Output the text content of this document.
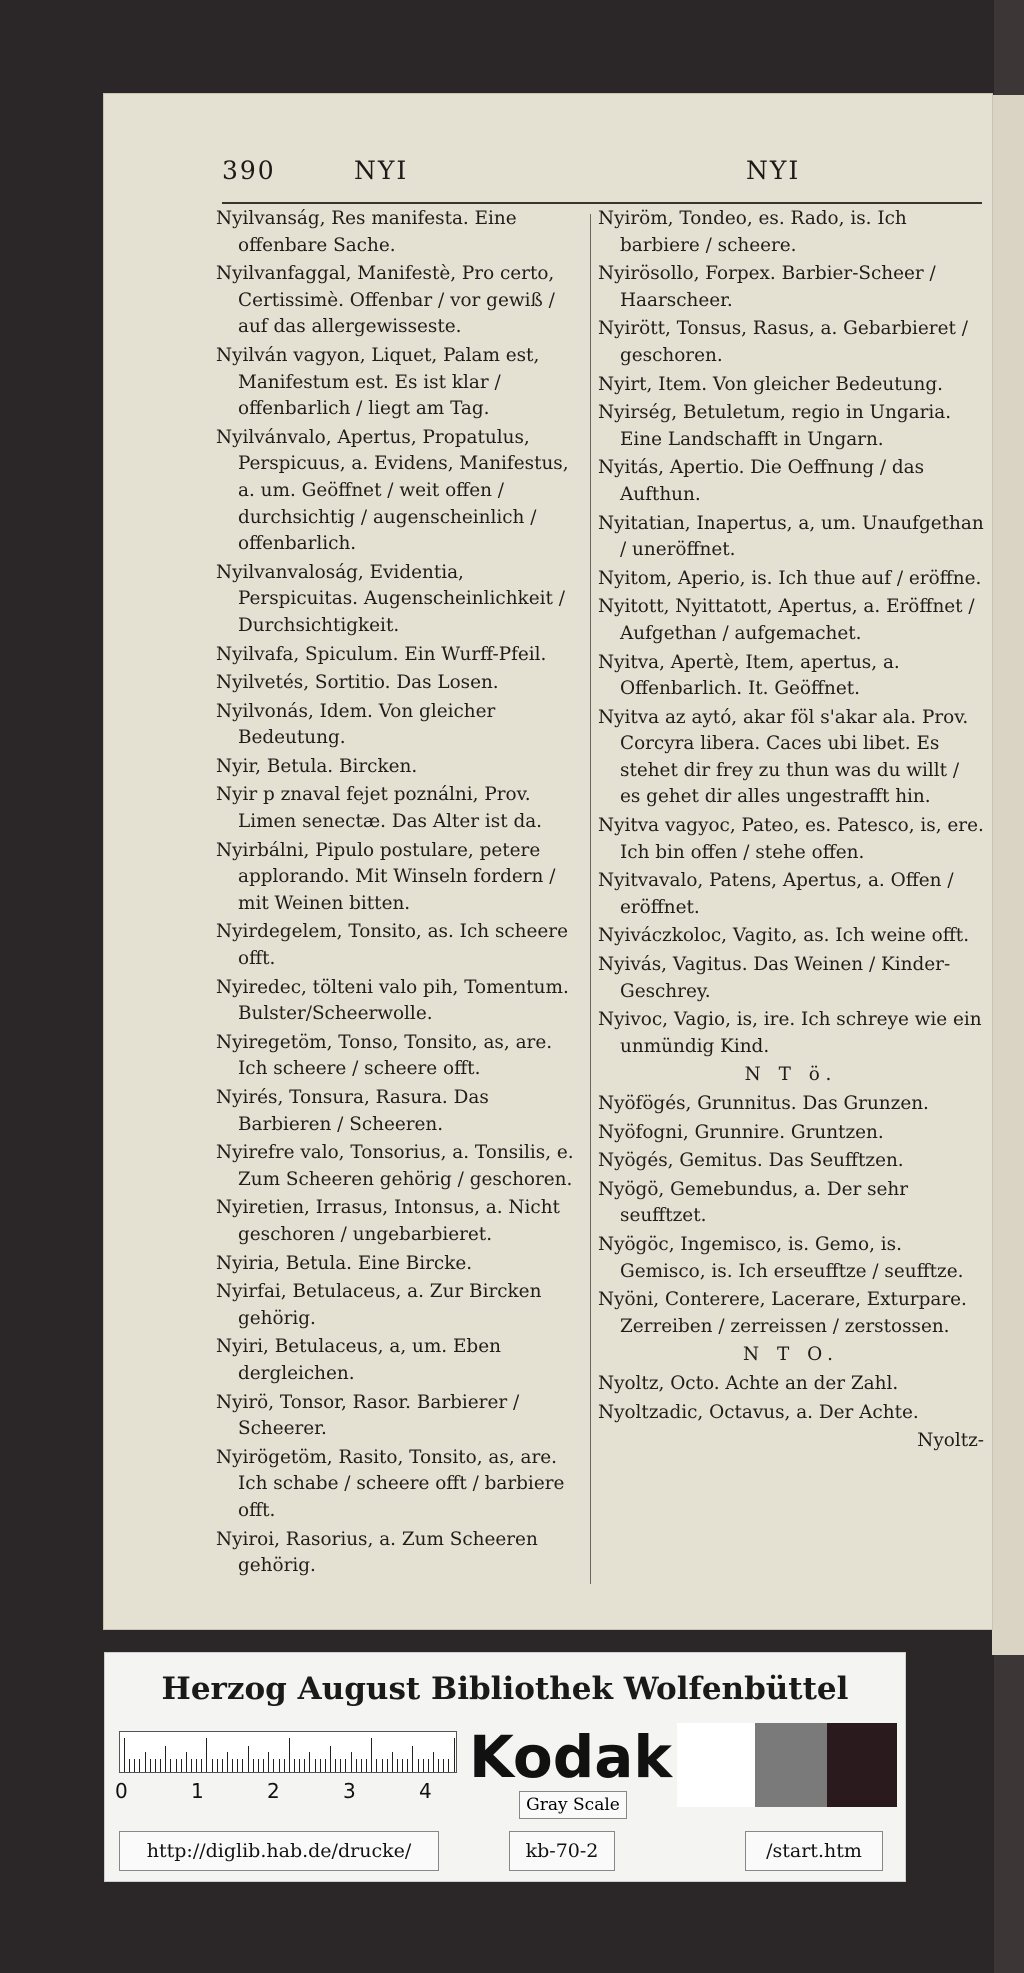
390	NYI	NYI
Nyilvanság, Res manifesta. Eine offenbare Sache.
Nyilvanfaggal, Manifestè, Pro certo, Certissimè. Offenbar / vor gewiß / auf das allergewisseste.
Nyilván vagyon, Liquet, Palam est, Manifestum est. Es ist klar / offenbarlich / liegt am Tag.
Nyilvánvalo, Apertus, Propatulus, Perspicuus, a. Evidens, Manifestus, a. um. Geöffnet / weit offen / durchsichtig / augenscheinlich / offenbarlich.
Nyilvanvaloság, Evidentia, Perspicuitas. Augenscheinlichkeit / Durchsichtigkeit.
Nyilvafa, Spiculum. Ein Wurff-Pfeil.
Nyilvetés, Sortitio. Das Losen.
Nyilvonás, Idem. Von gleicher Bedeutung.
Nyir, Betula. Bircken.
Nyir p znaval fejet poználni, Prov. Limen senectæ. Das Alter ist da.
Nyirbálni, Pipulo postulare, petere applorando. Mit Winseln fordern / mit Weinen bitten.
Nyirdegelem, Tonsito, as. Ich scheere offt.
Nyiredec, tölteni valo pih, Tomentum. Bulster/Scheerwolle.
Nyiregetöm, Tonso, Tonsito, as, are. Ich scheere / scheere offt.
Nyirés, Tonsura, Rasura. Das Barbieren / Scheeren.
Nyirefre valo, Tonsorius, a. Tonsilis, e. Zum Scheeren gehörig / geschoren.
Nyiretien, Irrasus, Intonsus, a. Nicht geschoren / ungebarbieret.
Nyiria, Betula. Eine Bircke.
Nyirfai, Betulaceus, a. Zur Bircken gehörig.
Nyiri, Betulaceus, a, um. Eben dergleichen.
Nyirö, Tonsor, Rasor. Barbierer / Scheerer.
Nyirögetöm, Rasito, Tonsito, as, are. Ich schabe / scheere offt / barbiere offt.
Nyiroi, Rasorius, a. Zum Scheeren gehörig.
Nyiröm, Tondeo, es. Rado, is. Ich barbiere / scheere.
Nyirösollo, Forpex. Barbier-Scheer / Haarscheer.
Nyirött, Tonsus, Rasus, a. Gebarbieret / geschoren.
Nyirt, Item. Von gleicher Bedeutung.
Nyirség, Betuletum, regio in Ungaria. Eine Landschafft in Ungarn.
Nyitás, Apertio. Die Oeffnung / das Aufthun.
Nyitatian, Inapertus, a, um. Unaufgethan / uneröffnet.
Nyitom, Aperio, is. Ich thue auf / eröffne.
Nyitott, Nyittatott, Apertus, a. Eröffnet / Aufgethan / aufgemachet.
Nyitva, Apertè, Item, apertus, a. Offenbarlich. It. Geöffnet.
Nyitva az aytó, akar föl s'akar ala. Prov. Corcyra libera. Caces ubi libet. Es stehet dir frey zu thun was du willt / es gehet dir alles ungestrafft hin.
Nyitva vagyoc, Pateo, es. Patesco, is, ere. Ich bin offen / stehe offen.
Nyitvavalo, Patens, Apertus, a. Offen / eröffnet.
Nyiváczkoloc, Vagito, as. Ich weine offt.
Nyivás, Vagitus. Das Weinen / Kinder-Geschrey.
Nyivoc, Vagio, is, ire. Ich schreye wie ein unmündig Kind.
N T ö.
Nyöfögés, Grunnitus. Das Grunzen.
Nyöfogni, Grunnire. Gruntzen.
Nyögés, Gemitus. Das Seufftzen.
Nyögö, Gemebundus, a. Der sehr seufftzet.
Nyögöc, Ingemisco, is. Gemo, is. Gemisco, is. Ich erseufftze / seufftze.
Nyöni, Conterere, Lacerare, Exturpare. Zerreiben / zerreissen / zerstossen.
N T O.
Nyoltz, Octo. Achte an der Zahl.
Nyoltzadic, Octavus, a. Der Achte.
Nyoltz-
Herzog August Bibliothek Wolfenbüttel
0	1	2	3	4 Kodak
Gray Scale
http://diglib.hab.de/drucke/	kb-70-2	/start.htm
